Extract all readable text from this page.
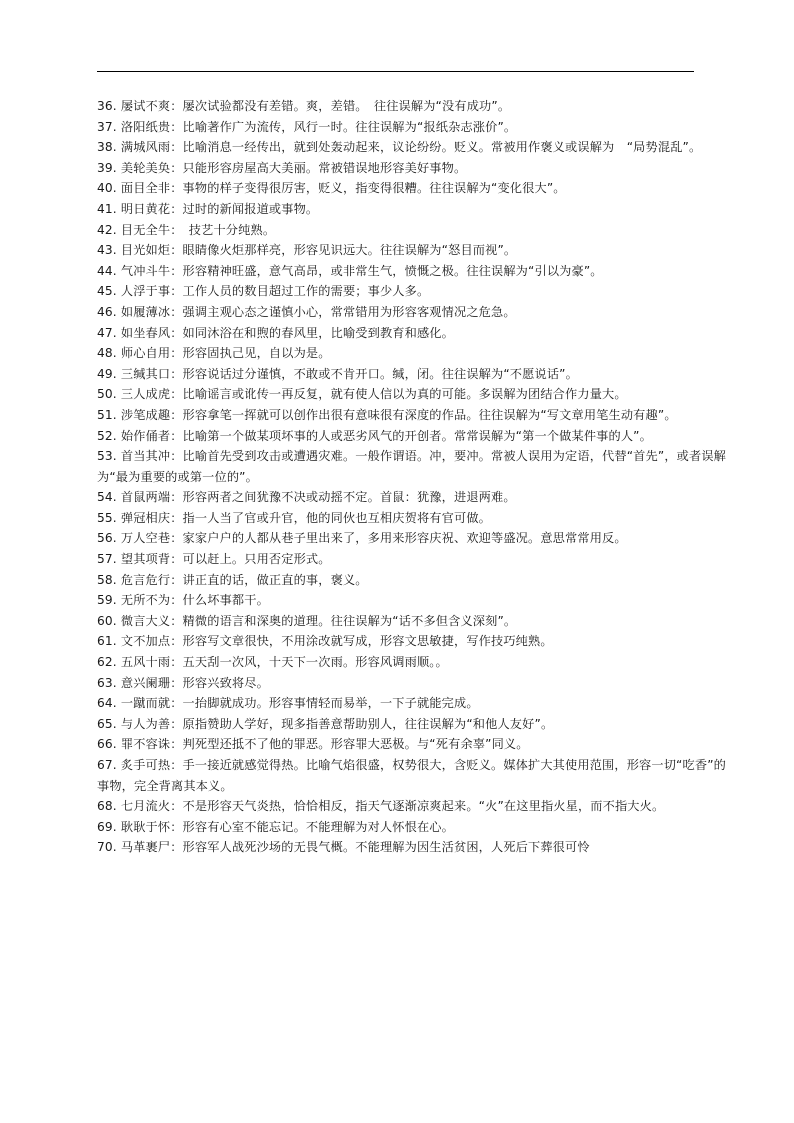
36. 屡试不爽：屡次试验都没有差错。爽，差错。　往往误解为“没有成功”。

37. 洛阳纸贵：比喻著作广为流传，风行一时。往往误解为“报纸杂志涨价”。

38. 满城风雨：比喻消息一经传出，就到处轰动起来，议论纷纷。贬义。常被用作褒义或误解为　“局势混乱”。

39. 美轮美奂：只能形容房屋高大美丽。常被错误地形容美好事物。

40. 面目全非：事物的样子变得很厉害，贬义，指变得很糟。往往误解为“变化很大”。

41. 明日黄花：过时的新闻报道或事物。

42. 目无全牛：　技艺十分纯熟。

43. 目光如炬：眼睛像火炬那样亮，形容见识远大。往往误解为“怒目而视”。

44. 气冲斗牛：形容精神旺盛，意气高昂，或非常生气，愤慨之极。往往误解为“引以为豪”。

45. 人浮于事：工作人员的数目超过工作的需要；事少人多。

46. 如履薄冰：强调主观心态之谨慎小心，常常错用为形容客观情况之危急。

47. 如坐春风：如同沐浴在和煦的春风里，比喻受到教育和感化。

48. 师心自用：形容固执己见，自以为是。

49. 三缄其口：形容说话过分谨慎，不敢或不肯开口。缄，闭。往往误解为“不愿说话”。

50. 三人成虎：比喻谣言或讹传一再反复，就有使人信以为真的可能。多误解为团结合作力量大。

51. 涉笔成趣：形容拿笔一挥就可以创作出很有意味很有深度的作品。往往误解为“写文章用笔生动有趣”。

52. 始作俑者：比喻第一个做某项坏事的人或恶劣风气的开创者。常常误解为“第一个做某件事的人”。

53. 首当其冲：比喻首先受到攻击或遭遇灾难。一般作谓语。冲，要冲。常被人误用为定语，代替“首先”，或者误解为“最为重要的或第一位的”。

54. 首鼠两端：形容两者之间犹豫不决或动摇不定。首鼠：犹豫，进退两难。

55. 弹冠相庆：指一人当了官或升官，他的同伙也互相庆贺将有官可做。

56. 万人空巷：家家户户的人都从巷子里出来了，多用来形容庆祝、欢迎等盛况。意思常常用反。

57. 望其项背：可以赶上。只用否定形式。

58. 危言危行：讲正直的话，做正直的事，褒义。

59. 无所不为：什么坏事都干。

60. 微言大义：精微的语言和深奥的道理。往往误解为“话不多但含义深刻”。

61. 文不加点：形容写文章很快，不用涂改就写成，形容文思敏捷，写作技巧纯熟。

62. 五风十雨：五天刮一次风，十天下一次雨。形容风调雨顺。。

63. 意兴阑珊：形容兴致将尽。

64. 一蹴而就：一抬脚就成功。形容事情轻而易举，一下子就能完成。

65. 与人为善：原指赞助人学好，现多指善意帮助别人，往往误解为“和他人友好”。

66. 罪不容诛：判死型还抵不了他的罪恶。形容罪大恶极。与“死有余辜”同义。

67. 炙手可热：手一接近就感觉得热。比喻气焰很盛，权势很大，含贬义。媒体扩大其使用范围，形容一切“吃香”的事物，完全背离其本义。

68. 七月流火：不是形容天气炎热，恰恰相反，指天气逐渐凉爽起来。“火”在这里指火星，而不指大火。

69. 耿耿于怀：形容有心室不能忘记。不能理解为对人怀恨在心。

70. 马革裹尸：形容军人战死沙场的无畏气概。不能理解为因生活贫困，人死后下葬很可怜
